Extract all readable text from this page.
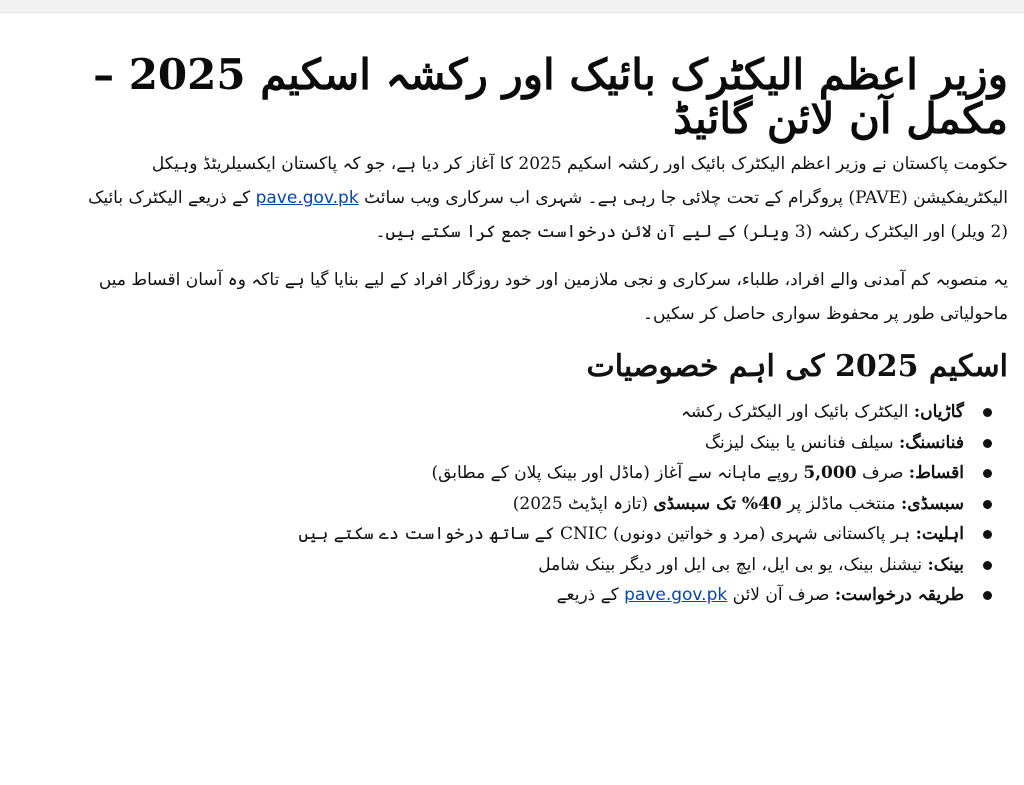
وزیر اعظم الیکٹرک بائیک اور رکشہ اسکیم 2025 – مکمل آن لائن گائیڈ

حکومت پاکستان نے وزیر اعظم الیکٹرک بائیک اور رکشہ اسکیم 2025 کا آغاز کر دیا ہے، جو کہ پاکستان ایکسیلریٹڈ وہیکل الیکٹریفکیشن (PAVE) پروگرام کے تحت چلائی جا رہی ہے۔ شہری اب سرکاری ویب سائٹ pave.gov.pk کے ذریعے الیکٹرک بائیک (2 ویلر) اور الیکٹرک رکشہ (3 ویلر) کے لیے آن لائن درخواست جمع کرا سکتے ہیں۔

یہ منصوبہ کم آمدنی والے افراد، طلباء، سرکاری و نجی ملازمین اور خود روزگار افراد کے لیے بنایا گیا ہے تاکہ وہ آسان اقساط میں ماحولیاتی طور پر محفوظ سواری حاصل کر سکیں۔

اسکیم 2025 کی اہم خصوصیات
گاڑیاں: الیکٹرک بائیک اور الیکٹرک رکشہ
فنانسنگ: سیلف فنانس یا بینک لیزنگ
اقساط: صرف 5,000 روپے ماہانہ سے آغاز (ماڈل اور بینک پلان کے مطابق)
سبسڈی: منتخب ماڈلز پر 40% تک سبسڈی (تازہ اپڈیٹ 2025)
اہلیت: ہر پاکستانی شہری (مرد و خواتین دونوں) CNIC کے ساتھ درخواست دے سکتے ہیں
بینک: نیشنل بینک، یو بی ایل، ایچ بی ایل اور دیگر بینک شامل
طریقہ درخواست: صرف آن لائن pave.gov.pk کے ذریعے
